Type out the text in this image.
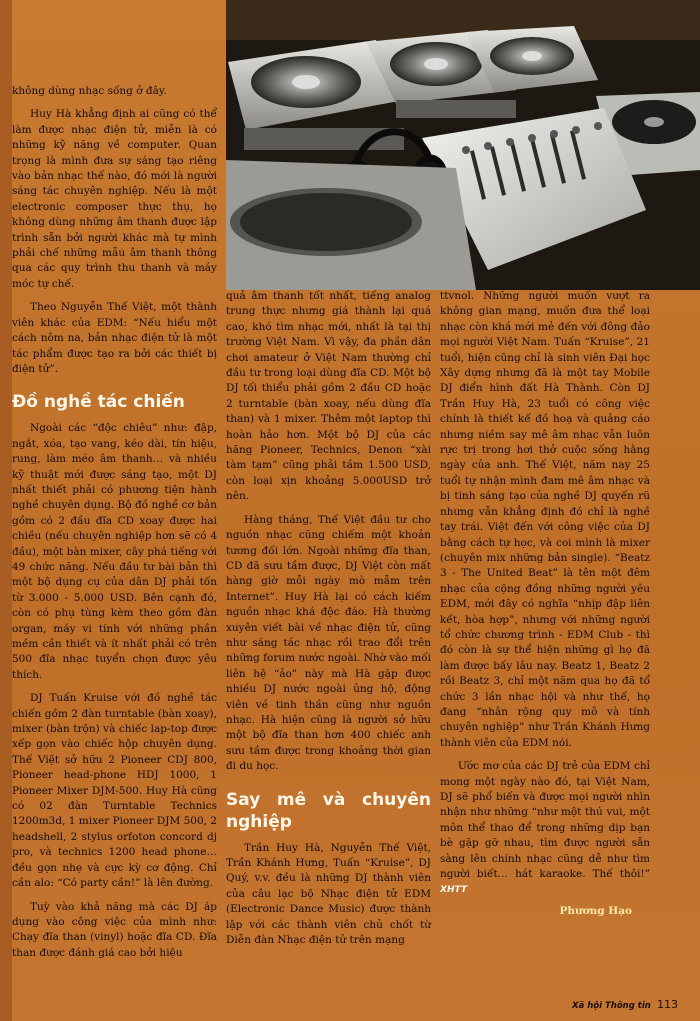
không dùng nhạc sống ở đây.

Huy Hà khẳng định ai cũng có thể làm được nhạc điện tử, miễn là có những kỹ năng về computer. Quan trọng là mình đưa sự sáng tạo riêng vào bản nhạc thế nào, đó mới là người sáng tác chuyên nghiệp. Nếu là một electronic composer thực thụ, họ không dùng những âm thanh được lập trình sẵn bởi người khác mà tự mình phải chế những mẫu âm thanh thông qua các quy trình thu thanh và máy móc tự chế.

Theo Nguyễn Thế Việt, một thành viên khác của EDM: “Nếu hiểu một cách nôm na, bản nhạc điện tử là một tác phẩm được tạo ra bởi các thiết bị điện tử”.

Đồ nghề tác chiến

Ngoài các “độc chiêu” như: đập, ngắt, xóa, tạo vang, kéo dài, tín hiệu, rung, làm méo âm thanh… và nhiều kỹ thuật mới được sáng tạo, một DJ nhất thiết phải có phương tiện hành nghề chuyên dụng. Bộ đồ nghề cơ bản gồm có 2 đầu đĩa CD xoay được hai chiều (nếu chuyên nghiệp hơn sẽ có 4 đầu), một bàn mixer, cây phá tiếng với 49 chức năng. Nếu đầu tư bài bản thì một bộ dụng cụ của dân DJ phải tốn từ 3.000 - 5.000 USD. Bên cạnh đó, còn có phụ tùng kèm theo gồm đàn organ, máy vi tính với những phần mềm cần thiết và ít nhất phải có trên 500 đĩa nhạc tuyển chọn được yêu thích.

DJ Tuấn Kruise với đồ nghề tác chiến gồm 2 đàn turntable (bàn xoay), mixer (bàn trộn) và chiếc lap-top được xếp gọn vào chiếc hộp chuyên dụng. Thế Việt sở hữu 2 Pioneer CDJ 800, Pioneer head-phone HDJ 1000, 1 Pioneer Mixer DJM-500. Huy Hà cũng có 02 đàn Turntable Technics 1200m3d, 1 mixer Pioneer DJM 500, 2 headshell, 2 stylus orfoton concord dj pro, và technics 1200 head phone… đều gọn nhẹ và cực kỳ cơ động. Chỉ cần alo: “Có party cần!” là lên đường.

Tuỳ vào khả năng mà các DJ áp dụng vào công việc của mình như: Chạy đĩa than (vinyl) hoặc đĩa CD. Đĩa than được đánh giá cao bởi hiệu

quả âm thanh tốt nhất, tiếng analog trung thực nhưng giá thành lại quá cao, khó tìm nhạc mới, nhất là tại thị trường Việt Nam. Vì vậy, đa phần dân chơi amateur ở Việt Nam thường chỉ đầu tư trong loại dùng đĩa CD. Một bộ DJ tối thiểu phải gồm 2 đầu CD hoặc 2 turntable (bàn xoay, nếu dùng đĩa than) và 1 mixer. Thêm một laptop thì hoàn hảo hơn. Một bộ DJ của các hãng Pioneer, Technics, Denon “xài tàm tạm” cũng phải tầm 1.500 USD, còn loại xịn khoảng 5.000USD trở nên.

Hàng tháng, Thế Việt đầu tư cho nguồn nhạc cũng chiếm một khoản tương đối lớn. Ngoài những đĩa than, CD đã sưu tầm được, DJ Việt còn mất hàng giờ mỗi ngày mò mẫm trên Internet”. Huy Hà lại có cách kiếm nguồn nhạc khá độc đáo. Hà thường xuyên viết bài về nhạc điện tử, cũng như sáng tác nhạc rồi trao đổi trên những forum nước ngoài. Nhờ vào mối liên hệ “ảo” này mà Hà gặp được nhiều DJ nước ngoài ủng hộ, động viên về tinh thần cũng như nguồn nhạc. Hà hiện cũng là người sở hữu một bộ đĩa than hơn 400 chiếc anh sưu tầm được trong khoảng thời gian đi du học.

Say mê và chuyên nghiệp

Trần Huy Hà, Nguyễn Thế Việt, Trần Khánh Hưng, Tuấn “Kruise”, DJ Quý, v.v. đều là những DJ thành viên của câu lạc bộ Nhạc điện tử EDM (Electronic Dance Music) được thành lập với các thành viên chủ chốt từ Diễn đàn Nhạc điện tử trên mạng

ttvnol. Những người muốn vượt ra không gian mạng, muốn đưa thể loại nhạc còn khá mới mẻ đến với đông đảo mọi người Việt Nam. Tuấn “Kruise”, 21 tuổi, hiện cũng chỉ là sinh viên Đại học Xây dựng nhưng đã là một tay Mobile DJ điển hình đất Hà Thành. Còn DJ Trần Huy Hà, 23 tuổi có công việc chính là thiết kế đồ hoạ và quảng cáo nhưng niềm say mê âm nhạc vẫn luôn rực trị trong hơi thở cuộc sống hằng ngày của anh. Thế Việt, năm nay 25 tuổi tự nhận mình đam mê âm nhạc và bị tinh sáng tạo của nghề DJ quyến rũ nhưng vẫn khẳng định đó chỉ là nghề tay trái. Việt đến với công việc của DJ bằng cách tự học, và coi mình là mixer (chuyên mix những bản single). “Beatz 3 - The United Beat” là tên một đêm nhạc của cộng đồng những người yêu EDM, mới đây có nghĩa “nhịp đập liên kết, hòa hợp”, nhưng với những người tổ chức chương trình - EDM Club - thì đó còn là sự thể hiện những gì họ đã làm được bấy lâu nay. Beatz 1, Beatz 2 rồi Beatz 3, chỉ một năm qua họ đã tổ chức 3 lần nhạc hội và như thế, họ đang “nhân rộng quy mô và tính chuyên nghiệp” như Trần Khánh Hưng thành viên của EDM nói.

Ước mơ của các DJ trẻ của EDM chỉ mong một ngày nào đó, tại Việt Nam, DJ sẽ phổ biến và được mọi người nhìn nhận như những “như một thú vui, một môn thể thao để trong những dịp bạn bè gặp gỡ nhau, tìm được người sẵn sàng lên chính nhạc cũng dễ như tìm người biết… hát karaoke. Thế thôi!” XHTT

Phương Hạo
Xã hội Thông tin 113
